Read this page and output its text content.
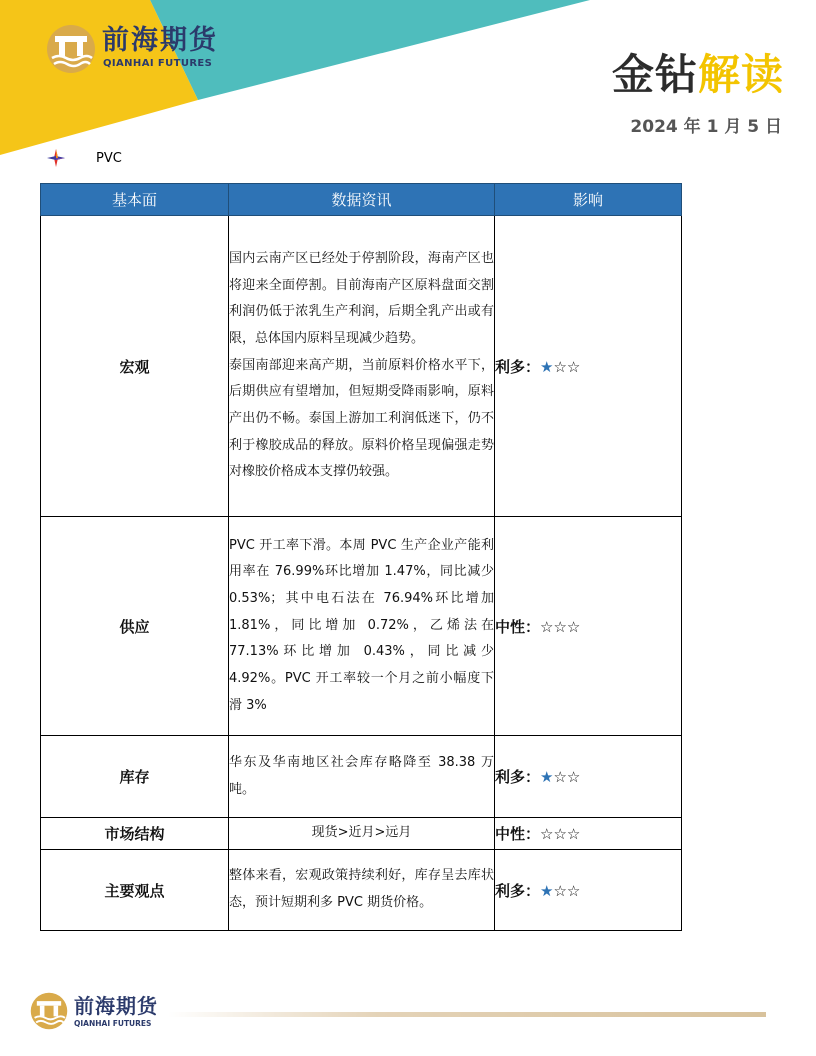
前海期货
QIANHAI FUTURES	金钻解读
2024 年 1 月 5 日
PVC
基本面	数据资讯	影响
宏观	国内云南产区已经处于停割阶段，海南产区也将迎来全面停割。目前海南产区原料盘面交割利润仍低于浓乳生产利润，后期全乳产出或有限，总体国内原料呈现减少趋势。

泰国南部迎来高产期，当前原料价格水平下，后期供应有望增加，但短期受降雨影响，原料产出仍不畅。泰国上游加工利润低迷下，仍不利于橡胶成品的释放。原料价格呈现偏强走势对橡胶价格成本支撑仍较强。	利多：★☆☆
供应	PVC 开工率下滑。本周 PVC 生产企业产能利用率在 76.99%环比增加 1.47%，同比减少 0.53%；其中电石法在 76.94%环比增加 1.81%，同比增加 0.72%，乙烯法在 77.13%环比增加 0.43%，同比减少 4.92%。PVC 开工率较一个月之前小幅度下滑 3%	中性：☆☆☆
库存	华东及华南地区社会库存略降至 38.38 万吨。	利多：★☆☆
市场结构	现货>近月>远月	中性：☆☆☆
主要观点	整体来看，宏观政策持续利好，库存呈去库状态，预计短期利多 PVC 期货价格。	利多：★☆☆
前海期货
QIANHAI FUTURES
